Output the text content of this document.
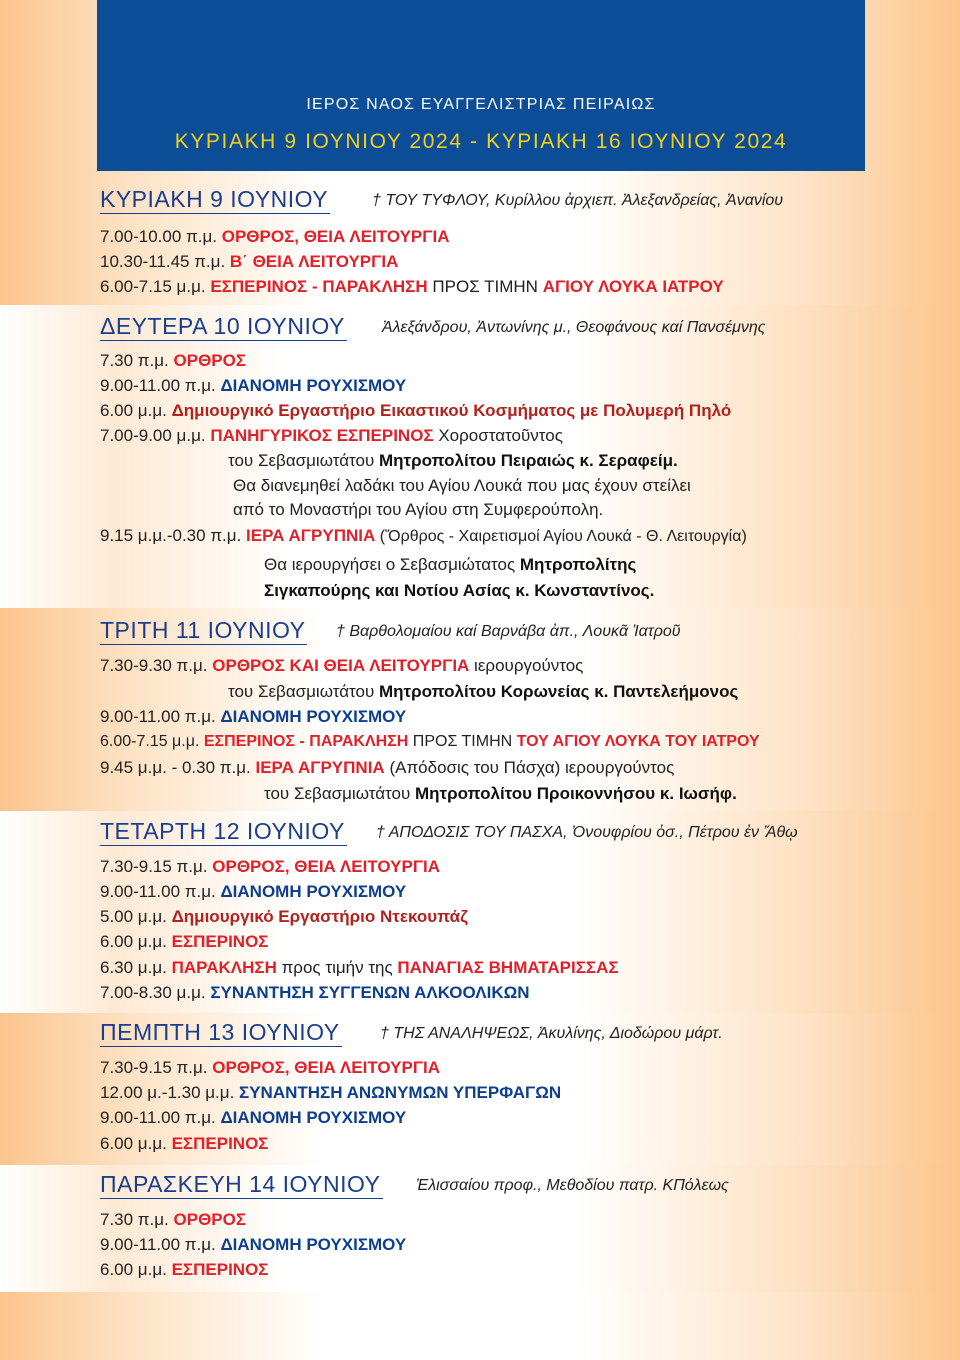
ΙΕΡΟΣ ΝΑΟΣ ΕΥΑΓΓΕΛΙΣΤΡΙΑΣ ΠΕΙΡΑΙΩΣ
ΚΥΡΙΑΚΗ 9 ΙΟΥΝΙΟΥ 2024 - ΚΥΡΙΑΚΗ 16 ΙΟΥΝΙΟΥ 2024
ΚΥΡΙΑΚΗ 9 ΙΟΥΝΙΟΥ	† ΤΟΥ ΤΥΦΛΟΥ, Κυρίλλου ἀρχιεπ. Ἀλεξανδρείας, Ἀνανίου
7.00-10.00 π.μ. ΟΡΘΡΟΣ, ΘΕΙΑ ΛΕΙΤΟΥΡΓΙΑ
10.30-11.45 π.μ. Β΄ ΘΕΙΑ ΛΕΙΤΟΥΡΓΙΑ
6.00-7.15 μ.μ. ΕΣΠΕΡΙΝΟΣ - ΠΑΡΑΚΛΗΣΗ ΠΡΟΣ ΤΙΜΗΝ ΑΓΙΟΥ ΛΟΥΚΑ ΙΑΤΡΟΥ
ΔΕΥΤΕΡΑ 10 ΙΟΥΝΙΟΥ Ἀλεξάνδρου, Ἀντωνίνης μ., Θεοφάνους καί Πανσέμνης
7.30 π.μ. ΟΡΘΡΟΣ
9.00-11.00 π.μ. ΔΙΑΝΟΜΗ ΡΟΥΧΙΣΜΟΥ
6.00 μ.μ. Δημιουργικό Εργαστήριο Εικαστικού Κοσμήματος με Πολυμερή Πηλό
7.00-9.00 μ.μ. ΠΑΝΗΓΥΡΙΚΟΣ ΕΣΠΕΡΙΝΟΣ Χοροστατοῦντος
του Σεβασμιωτάτου Μητροπολίτου Πειραιώς κ. Σεραφείμ.
Θα διανεμηθεί λαδάκι του Αγίου Λουκά που μας έχουν στείλει
από το Μοναστήρι του Αγίου στη Συμφερούπολη.
9.15 μ.μ.-0.30 π.μ. ΙΕΡΑ ΑΓΡΥΠΝΙΑ (Ὄρθρος - Χαιρετισμοί Αγίου Λουκά - Θ. Λειτουργία)
Θα ιερουργήσει ο Σεβασμιώτατος Μητροπολίτης
Σιγκαπούρης και Νοτίου Ασίας κ. Κωνσταντίνος.
ΤΡΙΤΗ 11 ΙΟΥΝΙΟΥ † Βαρθολομαίου καί Βαρνάβα ἀπ., Λουκᾶ Ἰατροῦ
7.30-9.30 π.μ. ΟΡΘΡΟΣ ΚΑΙ ΘΕΙΑ ΛΕΙΤΟΥΡΓΙΑ ιερουργούντος
του Σεβασμιωτάτου Μητροπολίτου Κορωνείας κ. Παντελεήμονος
9.00-11.00 π.μ. ΔΙΑΝΟΜΗ ΡΟΥΧΙΣΜΟΥ
6.00-7.15 μ.μ. ΕΣΠΕΡΙΝΟΣ - ΠΑΡΑΚΛΗΣΗ ΠΡΟΣ ΤΙΜΗΝ ΤΟΥ ΑΓΙΟΥ ΛΟΥΚΑ ΤΟΥ ΙΑΤΡΟΥ
9.45 μ.μ. - 0.30 π.μ. ΙΕΡΑ ΑΓΡΥΠΝΙΑ (Απόδοσις του Πάσχα) ιερουργούντος
του Σεβασμιωτάτου Μητροπολίτου Προικοννήσου κ. Ιωσήφ.
ΤΕΤΑΡΤΗ 12 ΙΟΥΝΙΟΥ † ΑΠΟΔΟΣΙΣ ΤΟΥ ΠΑΣΧΑ, Ὀνουφρίου ὁσ., Πέτρου ἐν Ἄθῳ
7.30-9.15 π.μ. ΟΡΘΡΟΣ, ΘΕΙΑ ΛΕΙΤΟΥΡΓΙΑ
9.00-11.00 π.μ. ΔΙΑΝΟΜΗ ΡΟΥΧΙΣΜΟΥ
5.00 μ.μ. Δημιουργικό Εργαστήριο Ντεκουπάζ
6.00 μ.μ. ΕΣΠΕΡΙΝΟΣ
6.30 μ.μ. ΠΑΡΑΚΛΗΣΗ προς τιμήν της ΠΑΝΑΓΙΑΣ ΒΗΜΑΤΑΡΙΣΣΑΣ
7.00-8.30 μ.μ. ΣΥΝΑΝΤΗΣΗ ΣΥΓΓΕΝΩΝ ΑΛΚΟΟΛΙΚΩΝ
ΠΕΜΠΤΗ 13 ΙΟΥΝΙΟΥ	† ΤΗΣ ΑΝΑΛΗΨΕΩΣ, Ἀκυλίνης, Διοδώρου μάρτ.
7.30-9.15 π.μ. ΟΡΘΡΟΣ, ΘΕΙΑ ΛΕΙΤΟΥΡΓΙΑ
12.00 μ.-1.30 μ.μ. ΣΥΝΑΝΤΗΣΗ ΑΝΩΝΥΜΩΝ ΥΠΕΡΦΑΓΩΝ
9.00-11.00 π.μ. ΔΙΑΝΟΜΗ ΡΟΥΧΙΣΜΟΥ
6.00 μ.μ. ΕΣΠΕΡΙΝΟΣ
ΠΑΡΑΣΚΕΥΗ 14 ΙΟΥΝΙΟΥ Ἐλισσαίου προφ., Μεθοδίου πατρ. ΚΠόλεως
7.30 π.μ. ΟΡΘΡΟΣ
9.00-11.00 π.μ. ΔΙΑΝΟΜΗ ΡΟΥΧΙΣΜΟΥ
6.00 μ.μ. ΕΣΠΕΡΙΝΟΣ
